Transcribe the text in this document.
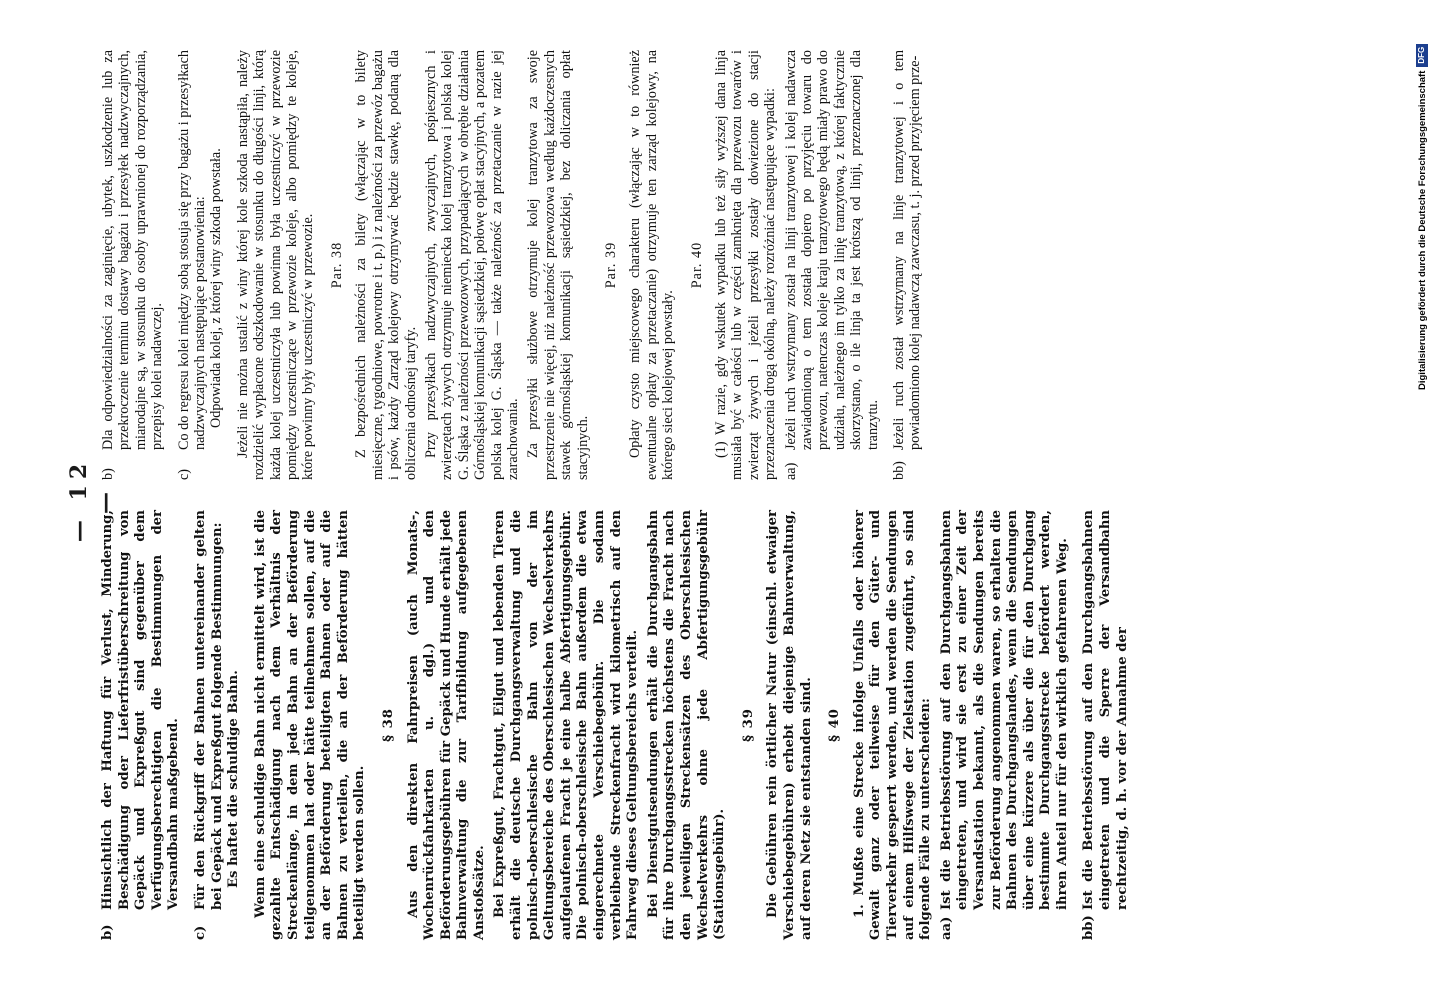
Digitalisierung gefördert durch die Deutsche Forschungsgemeinschaft
DFG
— 12 —
b)
Hinsichtlich der Haftung für Verlust, Minderung, Beschädigung oder Lieferfristüberschreitung von Gepäck und Expreßgut sind gegenüber dem Verfügungsberechtigten die Bestimmungen der Versandbahn maßgebend.
c)
Für den Rückgriff der Bahnen untereinander gelten bei Gepäck und Expreßgut folgende Bestimmungen: Es haftet die schuldige Bahn. Wenn eine schuldige Bahn nicht ermittelt wird, ist die gezahlte Entschädigung nach dem Verhältnis der Streckenlänge, in dem jede Bahn an der Beförderung teilgenommen hat oder hätte teilnehmen sollen, auf die an der Beförderung beteiligten Bahnen oder auf die Bahnen zu verteilen, die an der Beförderung hätten beteiligt werden sollen.

§ 38 Aus den direkten Fahrpreisen (auch Monats-, Wochenrückfahrkarten u. dgl.) und den Beförderungsgebühren für Gepäck und Hunde erhält jede Bahnverwaltung die zur Tarifbildung aufgegebenen Anstoßsätze. Bei Expreßgut, Frachtgut, Eilgut und lebenden Tieren erhält die deutsche Durchgangsverwaltung und die polnisch-oberschlesische Bahn von der im Geltungsbereiche des Oberschlesischen Wechselverkehrs aufgelaufenen Fracht je eine halbe Abfertigungsgebühr. Die polnisch-oberschlesische Bahn außerdem die etwa eingerechnete Verschiebegebühr. Die sodann verbleibende Streckenfracht wird kilometrisch auf den Fahrweg dieses Geltungsbereichs verteilt. Bei Dienstgutsendungen erhält die Durchgangsbahn für ihre Durchgangsstrecken höchstens die Fracht nach den jeweiligen Streckensätzen des Oberschlesischen Wechselverkehrs ohne jede Abfertigungsgebühr (Stationsgebühr).

§ 39 Die Gebühren rein örtlicher Natur (einschl. etwaiger Verschiebegebühren) erhebt diejenige Bahnverwaltung, auf deren Netz sie entstanden sind. § 40 1. Mußte eine Strecke infolge Unfalls oder höherer Gewalt ganz oder teilweise für den Güter- und Tierverkehr gesperrt werden, und werden die Sendungen auf einem Hilfswege der Zielstation zugeführt, so sind folgende Fälle zu unterscheiden: aa)
Ist die Betriebsstörung auf den Durchgangsbahnen eingetreten, und wird sie erst zu einer Zeit der Versandstation bekannt, als die Sendungen bereits zur Beförderung angenommen waren, so erhalten die Bahnen des Durchgangslandes, wenn die Sendungen über eine kürzere als über die für den Durchgang bestimmte Durchgangsstrecke befördert werden, ihren Anteil nur für den wirklich gefahrenen Weg.
bb)
Ist die Betriebsstörung auf den Durchgangsbahnen eingetreten und die Sperre der Versandbahn rechtzeitig, d. h. vor der Annahme der
b)
Dla odpowiedzialności za zaginięcie, ubytek, uszkodzenie lub za przekroczenie terminu dostawy bagażu i przesyłek nadzwyczajnych, miarodajne są, w stosunku do osoby uprawnionej do rozporządzania, przepisy kolei nadawczej.
c)
Co do regresu kolei między sobą stosuja się przy bagażu i przesyłkach nadzwyczajnych następujące postanowienia: Odpowiada kolej, z której winy szkoda powstała. Jeżeli nie można ustalić z winy której kole szkoda nastąpiła, należy rozdzielić wypłacone odszkodowanie w stosunku do długości linji, którą każda kolej uczestniczyła lub powinna była uczestniczyć w przewozie pomiędzy uczestniczące w przewozie koleje, albo pomiędzy te koleje, które powinny były uczestniczyć w przewozie. Par. 38 Z bezpośrednich należności za bilety (włączając w to bilety miesięczne, tygodniowe, powrotne i t. p.) i z należności za przewóz bagażu i psów, każdy Zarząd kolejowy otrzymywać będzie stawkę, podaną dla obliczenia odnośnej taryfy. Przy przesyłkach nadzwyczajnych, zwyczajnych, pośpiesznych i zwierzętach żywych otrzymuje niemiecka kolej tranzytowa i polska kolej G. Śląska z należności przewozowych, przypadających w obrębie działania Górnośląskiej komunikacji sąsiedzkiej, połowę opłat stacyjnych, a pozatem polska kolej G. Śląska — także należność za przetaczanie w razie jej zarachowania. Za przesyłki służbowe otrzymuje kolej tranzytowa za swoje przestrzenie nie więcej, niż należność przewozowa według każdoczesnych stawek górnośląskiej komunikacji sąsiedzkiej, bez doliczania opłat stacyjnych.

Par. 39 Opłaty czysto miejscowego charakteru (włączając w to również ewentualne opłaty za przetaczanie) otrzymuje ten zarząd kolejowy, na którego sieci kolejowej powstały.

Par. 40 (1) W razie, gdy wskutek wypadku lub też siły wyższej dana linja musiała być w całości lub w części zamknięta dla przewozu towarów i zwierząt żywych i jeżeli przesyłki zostały dowiezione do stacji przeznaczenia drogą okólną, należy rozróżniać następujące wypadki: aa)
Jeżeli ruch wstrzymany został na linji tranzytowej i kolej nadawcza zawiadomioną o tem została dopiero po przyjęciu towaru do przewozu, natenczas koleje kraju tranzytowego będą miały prawo do udziału, należnego im tylko za linję tranzytową, z której faktycznie skorzystano, o ile linja ta jest krótszą od linji, przeznaczonej dla tranzytu.
bb)
Jeżeli ruch został wstrzymany na linje tranzytowej i o tem powiadomiono kolej nadawczą zawczasu, t. j. przed przyjęciem prze-
